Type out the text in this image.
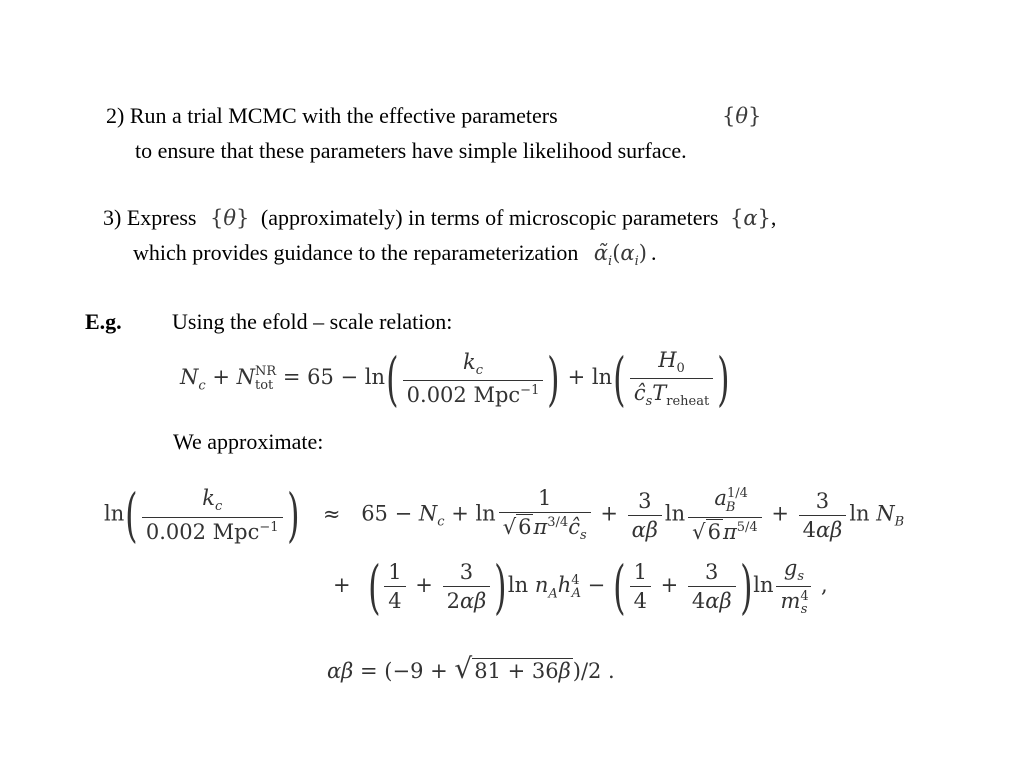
2) Run a trial MCMC with the effective parameters	{θ}
to ensure that these parameters have simple likelihood surface.
3) Express {θ} (approximately) in terms of microscopic parameters {α},
which provides guidance to the reparameterization $\alphã_i(\alpha_i)$ .
E.g. Using the efold – scale relation:
$N_c + N$ NR
tot = $65 - \ln( \frac{k_c}{0.002 Mpc^{-1}}$ ) + $\ln( \frac{H_0}{ĉ_sT_{reheat}}$ )
We approximate:
$\ln( \frac{k_c}{0.002 Mpc^{-1}}$ ) ≈ $65 - N_c + \ln \frac{1}{√6\pi^{3/4}ĉ_s} + \frac{3}{\alpha\beta}$ $\ln \frac{a^{1/4}_B}{√6\pi^{5/4}} + \frac{3}{4\alpha\beta}$ $\ln N_B$
+ ( $\frac{1}{4} + \frac{3}{2\alpha\beta} )\ln$ $n_Ah^4_A$ − ( $\frac{1}{4} + \frac{3}{4\alpha\beta} )\ln \frac{g_s}{m^4_s}$ ,
αβ = (−9 + √81 + 36β)/2 .
